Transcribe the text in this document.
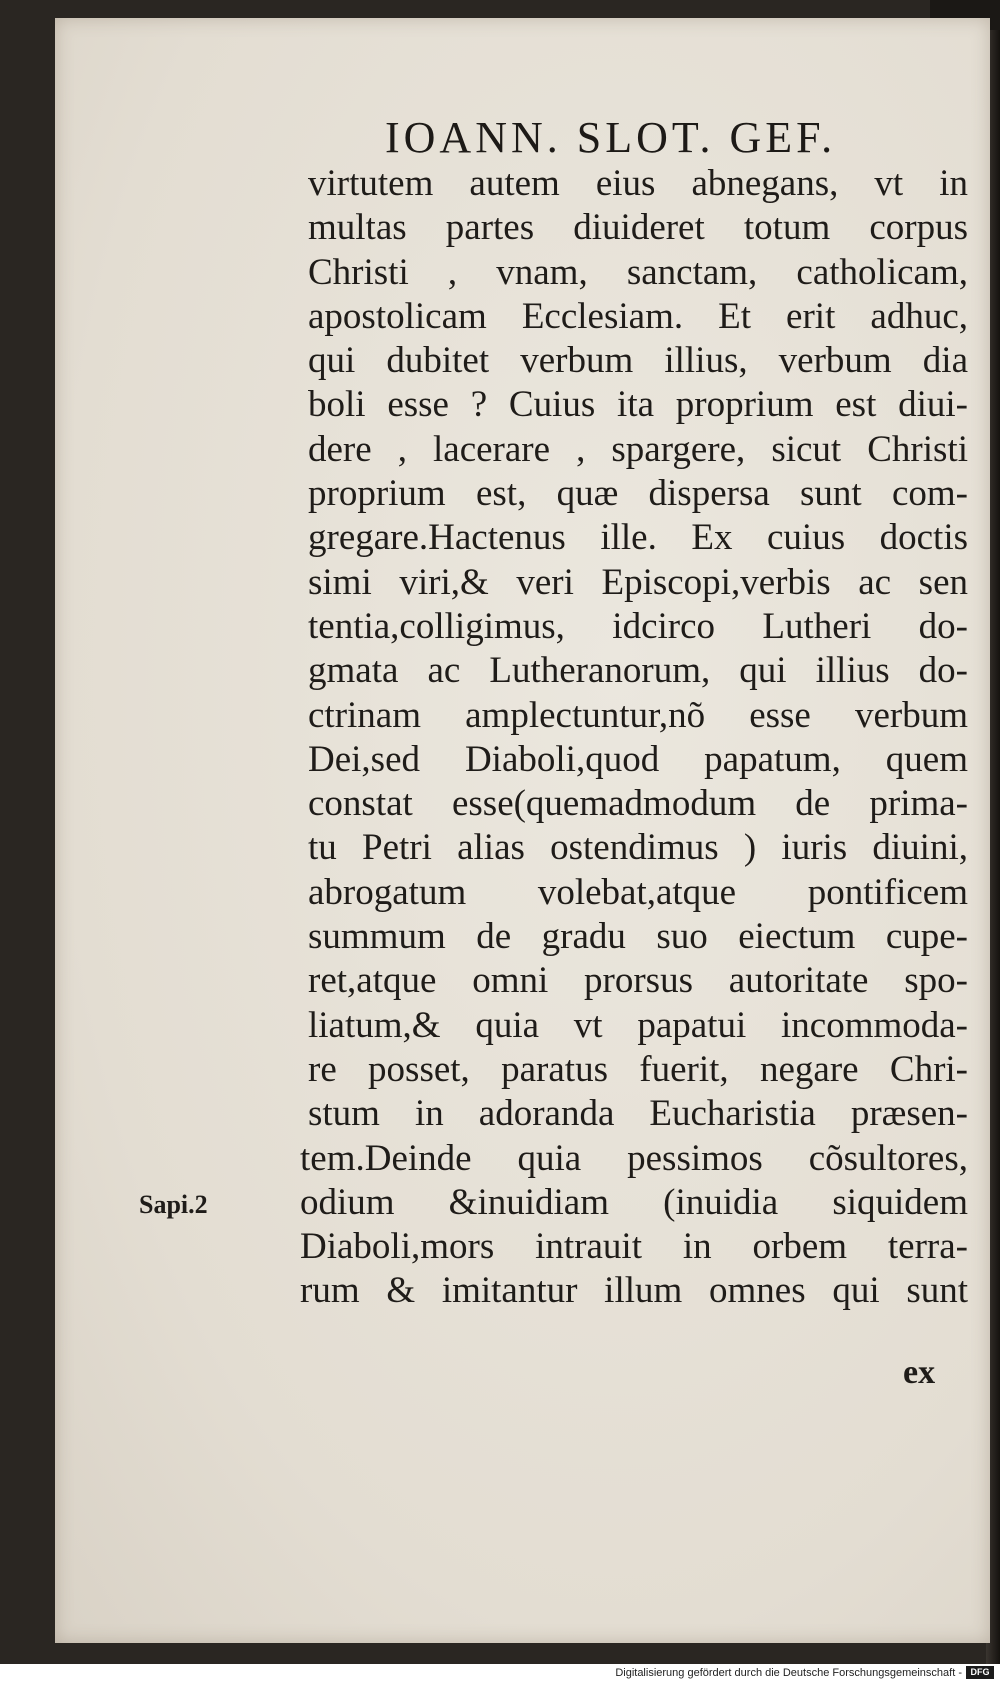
IOANN. SLOT. GEF.
virtutem autem eius abnegans, vt in
multas partes diuideret totum corpus
Christi , vnam, sanctam, catholicam,
apostolicam Ecclesiam. Et erit adhuc,
qui dubitet verbum illius, verbum dia
boli esse ? Cuius ita proprium est diui-
dere , lacerare , spargere, sicut Christi
proprium est, quæ dispersa sunt com-
gregare.Hactenus ille. Ex cuius doctis
simi viri,& veri Episcopi,verbis ac sen
tentia,colligimus, idcirco Lutheri do-
gmata ac Lutheranorum, qui illius do-
ctrinam amplectuntur,nõ esse verbum
Dei,sed Diaboli,quod papatum, quem
constat esse(quemadmodum de prima-
tu Petri alias ostendimus ) iuris diuini,
abrogatum volebat,atque pontificem
summum de gradu suo eiectum cupe-
ret,atque omni prorsus autoritate spo-
liatum,& quia vt papatui incommoda-
re posset, paratus fuerit, negare Chri-
stum in adoranda Eucharistia præsen-
tem.Deinde quia pessimos cõsultores,
odium &inuidiam (inuidia siquidem
Diaboli,mors intrauit in orbem terra-
rum & imitantur illum omnes qui sunt
Sapi.2
ex
Digitalisierung gefördert durch die Deutsche Forschungsgemeinschaft - DFG
